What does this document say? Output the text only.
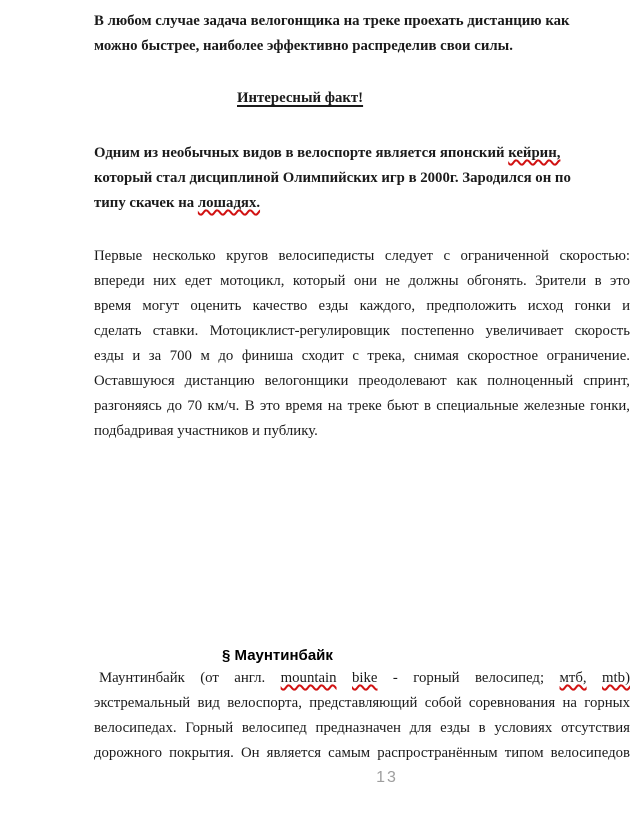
В любом случае задача велогонщика на треке проехать дистанцию как
можно быстрее, наиболее эффективно распределив свои силы.
Интересный факт!
Одним из необычных видов в велоспорте является японский кейрин,
который стал дисциплиной Олимпийских игр в 2000г. Зародился он по
типу скачек на лошадях.
Первые несколько кругов велосипедисты следует с ограниченной скоростью:
впереди них едет мотоцикл, который они не должны обгонять. Зрители в это
время могут оценить качество езды каждого, предположить исход гонки и
сделать ставки. Мотоциклист-регулировщик постепенно увеличивает скорость
езды и за 700 м до финиша сходит с трека, снимая скоростное ограничение.
Оставшуюся дистанцию велогонщики преодолевают как полноценный спринт,
разгоняясь до 70 км/ч. В это время на треке бьют в специальные железные гонки,
подбадривая участников и публику.
§ Маунтинбайк
Маунтинбайк (от англ. mountain bike - горный велосипед; мтб, mtb)
экстремальный вид велоспорта, представляющий собой соревнования на горных
велосипедах. Горный велосипед предназначен для езды в условиях отсутствия
дорожного покрытия. Он является самым распространённым типом велосипедов
13
